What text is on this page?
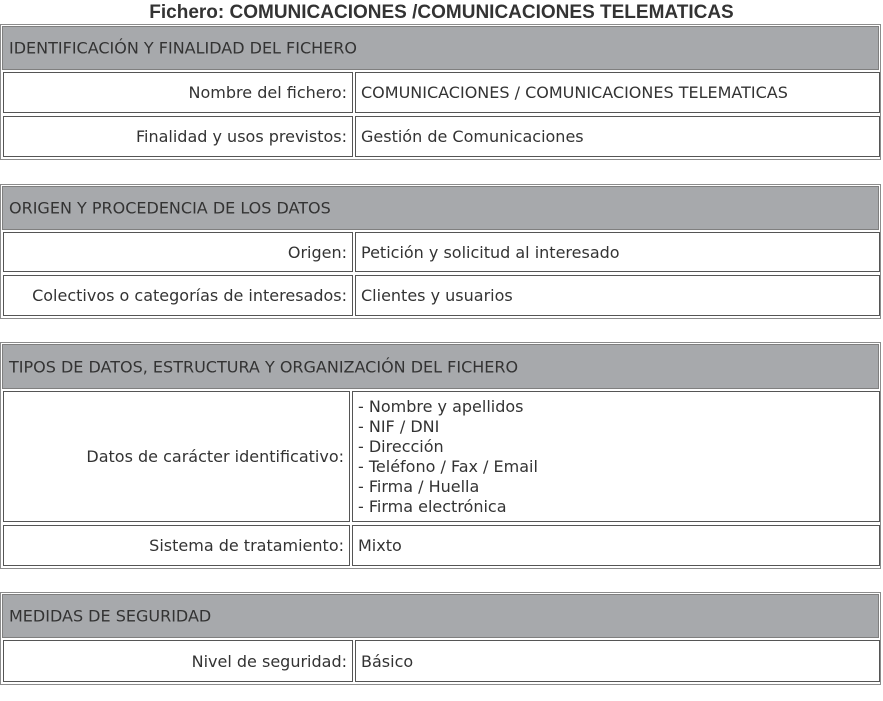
Fichero: COMUNICACIONES /COMUNICACIONES TELEMATICAS
IDENTIFICACIÓN Y FINALIDAD DEL FICHERO
Nombre del fichero: COMUNICACIONES / COMUNICACIONES TELEMATICAS
Finalidad y usos previstos: Gestión de Comunicaciones
ORIGEN Y PROCEDENCIA DE LOS DATOS
Origen: Petición y solicitud al interesado
Colectivos o categorías de interesados: Clientes y usuarios
TIPOS DE DATOS, ESTRUCTURA Y ORGANIZACIÓN DEL FICHERO
Datos de carácter identificativo:
- Nombre y apellidos
- NIF / DNI
- Dirección
- Teléfono / Fax / Email
- Firma / Huella
- Firma electrónica
Sistema de tratamiento: Mixto
MEDIDAS DE SEGURIDAD
Nivel de seguridad: Básico
